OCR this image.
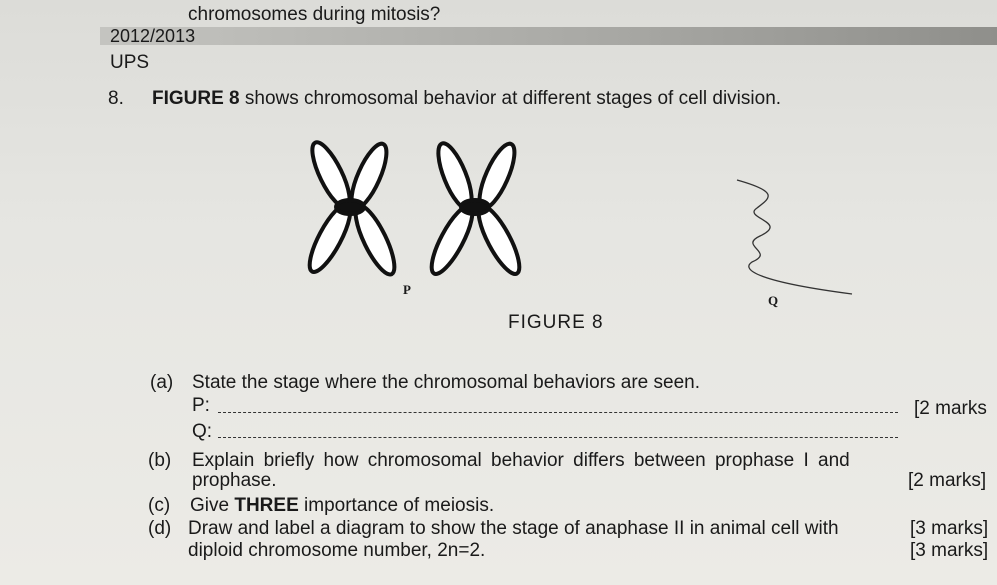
chromosomes during mitosis?
2012/2013
UPS
8. FIGURE 8 shows chromosomal behavior at different stages of cell division.
P
Q
FIGURE 8
(a) State the stage where the chromosomal behaviors are seen.
P:	[2 marks
Q:
(b) Explain briefly how chromosomal behavior differs between prophase I and
prophase.	[2 marks]
(c) Give THREE importance of meiosis.
(d) Draw and label a diagram to show the stage of anaphase II in animal cell with
diploid chromosome number, 2n=2.
[3 marks]
[3 marks]
